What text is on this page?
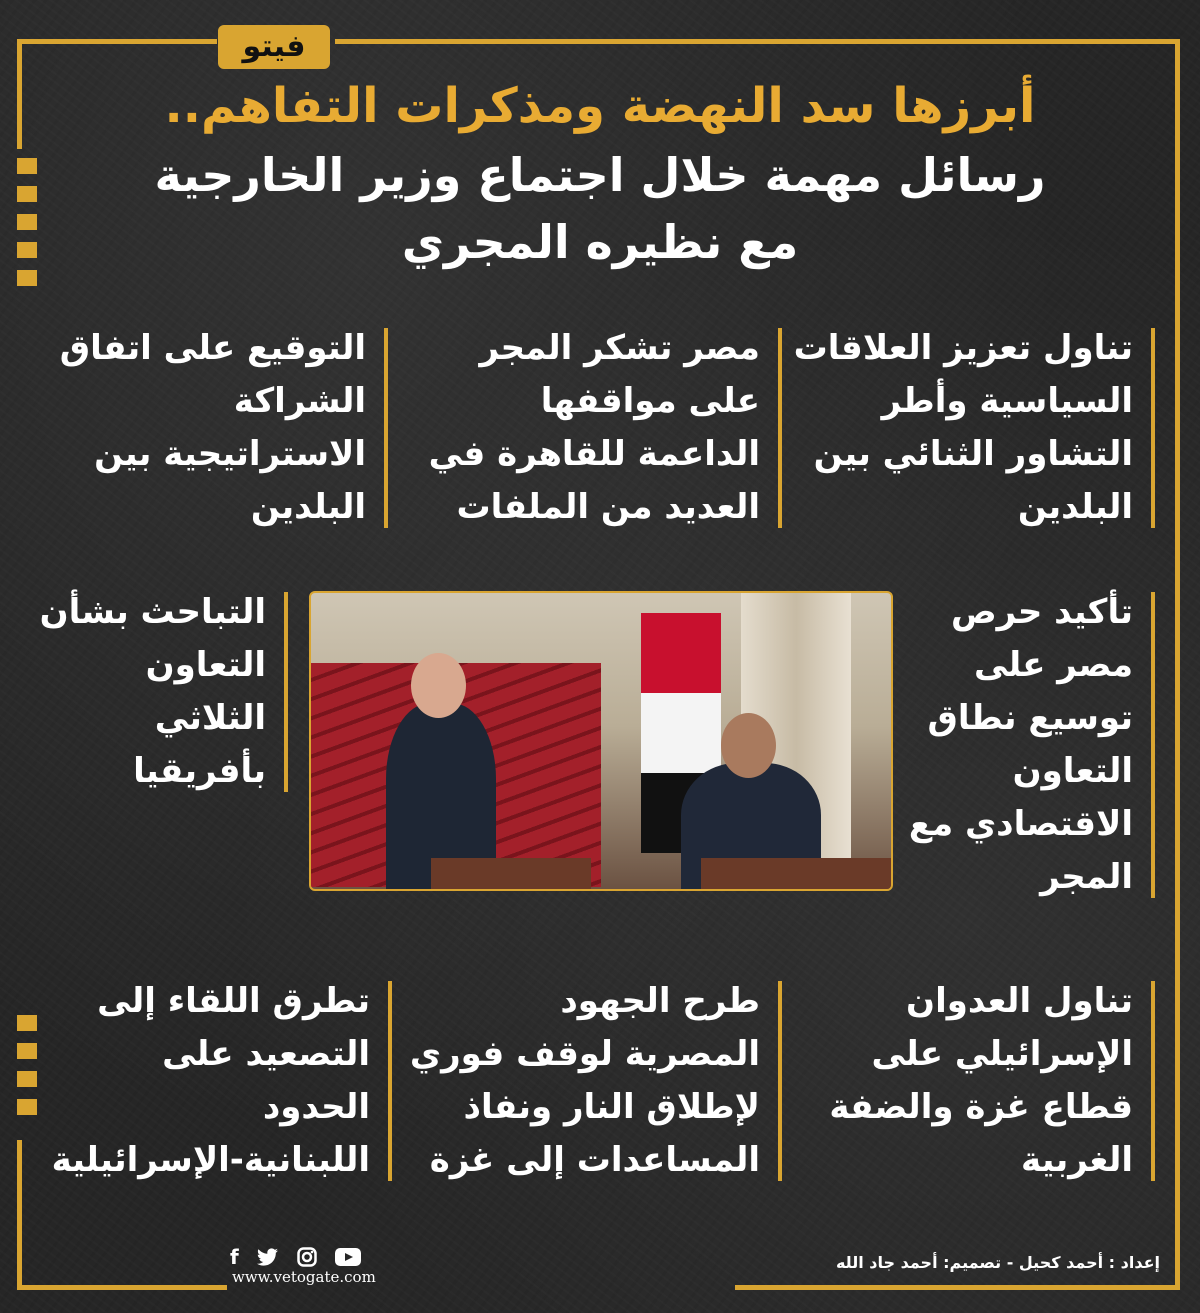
فيتو
أبرزها سد النهضة ومذكرات التفاهم..
رسائل مهمة خلال اجتماع وزير الخارجية
مع نظيره المجري
تناول تعزيز العلاقات
السياسية وأطر
التشاور الثنائي بين
البلدين
مصر تشكر المجر
على مواقفها
الداعمة للقاهرة في
العديد من الملفات
التوقيع على اتفاق
الشراكة
الاستراتيجية بين
البلدين
تأكيد حرص
مصر على
توسيع نطاق
التعاون
الاقتصادي مع
المجر
التباحث بشأن
التعاون
الثلاثي
بأفريقيا
تناول العدوان
الإسرائيلي على
قطاع غزة والضفة
الغربية
طرح الجهود
المصرية لوقف فوري
لإطلاق النار ونفاذ
المساعدات إلى غزة
تطرق اللقاء إلى
التصعيد على
الحدود
اللبنانية-الإسرائيلية
f
www.vetogate.com
إعداد : أحمد كحيل - تصميم: أحمد جاد الله
